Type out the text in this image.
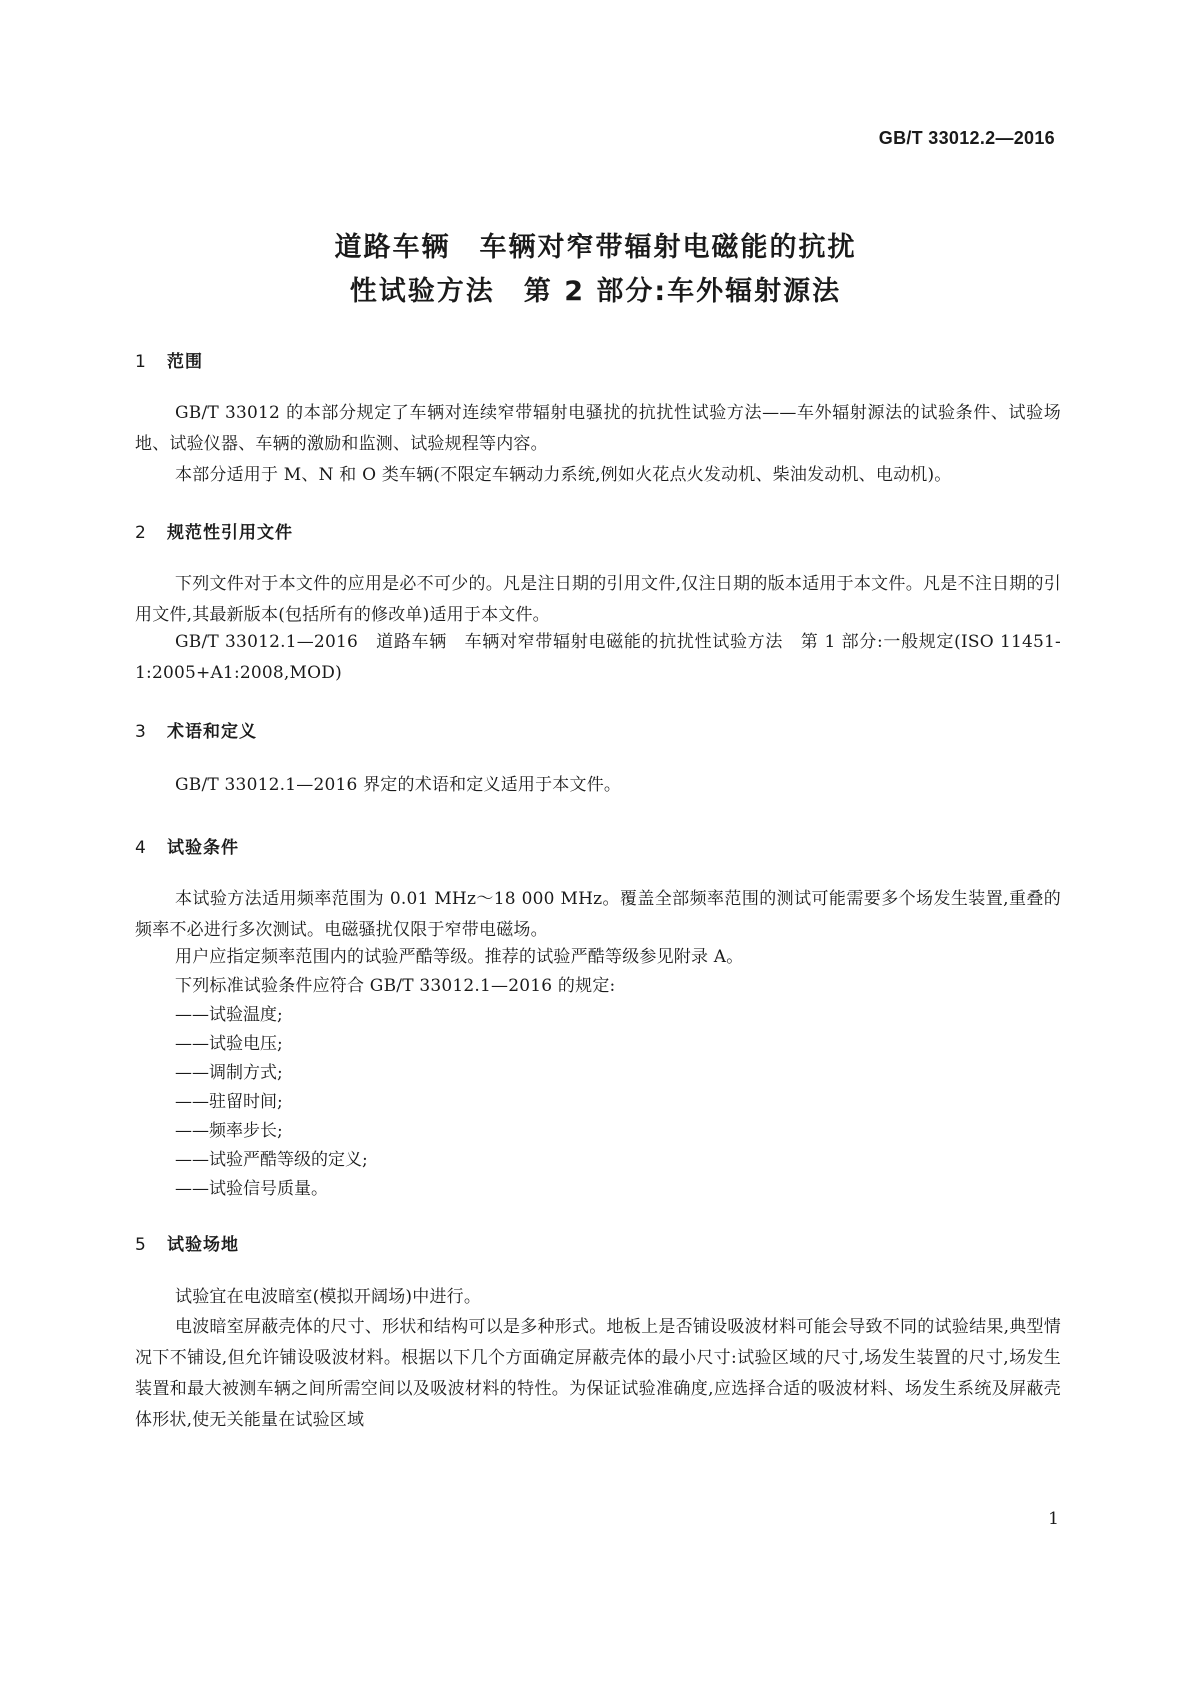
GB/T 33012.2—2016
道路车辆　车辆对窄带辐射电磁能的抗扰
性试验方法　第 2 部分:车外辐射源法
1 范围
GB/T 33012 的本部分规定了车辆对连续窄带辐射电骚扰的抗扰性试验方法——车外辐射源法的试验条件、试验场地、试验仪器、车辆的激励和监测、试验规程等内容。
本部分适用于 M、N 和 O 类车辆(不限定车辆动力系统,例如火花点火发动机、柴油发动机、电动机)。
2 规范性引用文件
下列文件对于本文件的应用是必不可少的。凡是注日期的引用文件,仅注日期的版本适用于本文件。凡是不注日期的引用文件,其最新版本(包括所有的修改单)适用于本文件。
GB/T 33012.1—2016　道路车辆　车辆对窄带辐射电磁能的抗扰性试验方法　第 1 部分:一般规定(ISO 11451-1:2005+A1:2008,MOD)
3 术语和定义
GB/T 33012.1—2016 界定的术语和定义适用于本文件。
4 试验条件
本试验方法适用频率范围为 0.01 MHz～18 000 MHz。覆盖全部频率范围的测试可能需要多个场发生装置,重叠的频率不必进行多次测试。电磁骚扰仅限于窄带电磁场。
用户应指定频率范围内的试验严酷等级。推荐的试验严酷等级参见附录 A。
下列标准试验条件应符合 GB/T 33012.1—2016 的规定:
——试验温度;
——试验电压;
——调制方式;
——驻留时间;
——频率步长;
——试验严酷等级的定义;
——试验信号质量。
5 试验场地
试验宜在电波暗室(模拟开阔场)中进行。
电波暗室屏蔽壳体的尺寸、形状和结构可以是多种形式。地板上是否铺设吸波材料可能会导致不同的试验结果,典型情况下不铺设,但允许铺设吸波材料。根据以下几个方面确定屏蔽壳体的最小尺寸:试验区域的尺寸,场发生装置的尺寸,场发生装置和最大被测车辆之间所需空间以及吸波材料的特性。为保证试验准确度,应选择合适的吸波材料、场发生系统及屏蔽壳体形状,使无关能量在试验区域
1
